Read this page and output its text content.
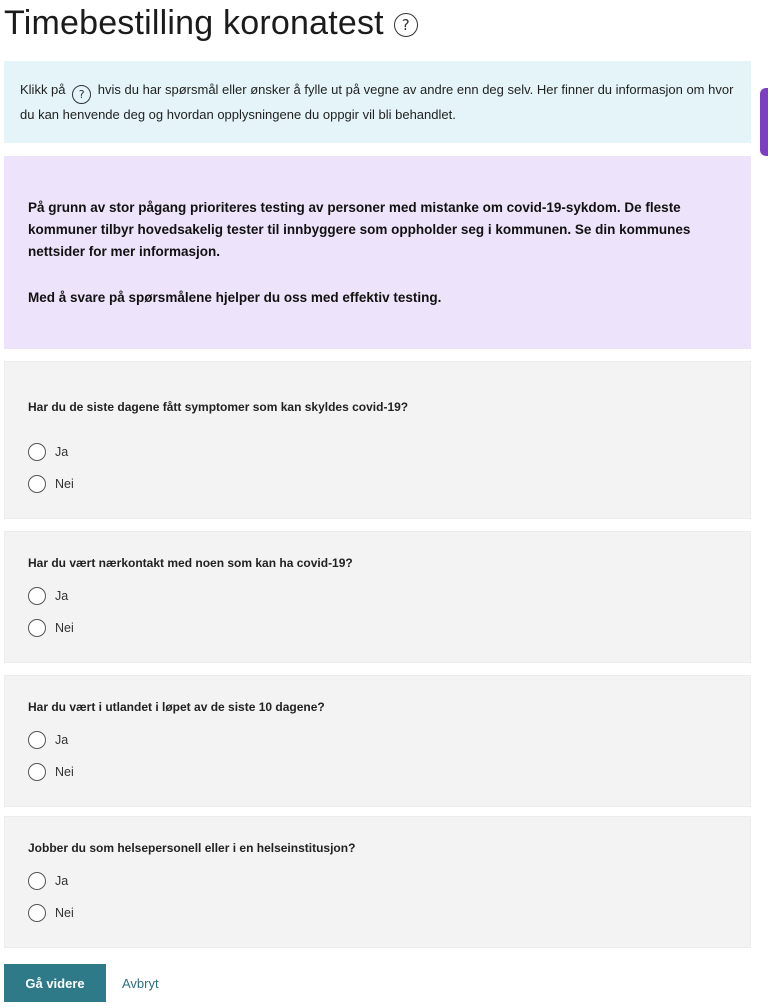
Timebestilling koronatest	?
Klikk på ? hvis du har spørsmål eller ønsker å fylle ut på vegne av andre enn deg selv. Her finner du informasjon om hvor du kan henvende deg og hvordan opplysningene du oppgir vil bli behandlet.

På grunn av stor pågang prioriteres testing av personer med mistanke om covid-19-sykdom. De fleste kommuner tilbyr hovedsakelig tester til innbyggere som oppholder seg i kommunen. Se din kommunes nettsider for mer informasjon.

Med å svare på spørsmålene hjelper du oss med effektiv testing.

Har du de siste dagene fått symptomer som kan skyldes covid-19?
Ja
Nei
Har du vært nærkontakt med noen som kan ha covid-19?
Ja
Nei
Har du vært i utlandet i løpet av de siste 10 dagene?
Ja
Nei
Jobber du som helsepersonell eller i en helseinstitusjon?
Ja
Nei
Gå videre	Avbryt
